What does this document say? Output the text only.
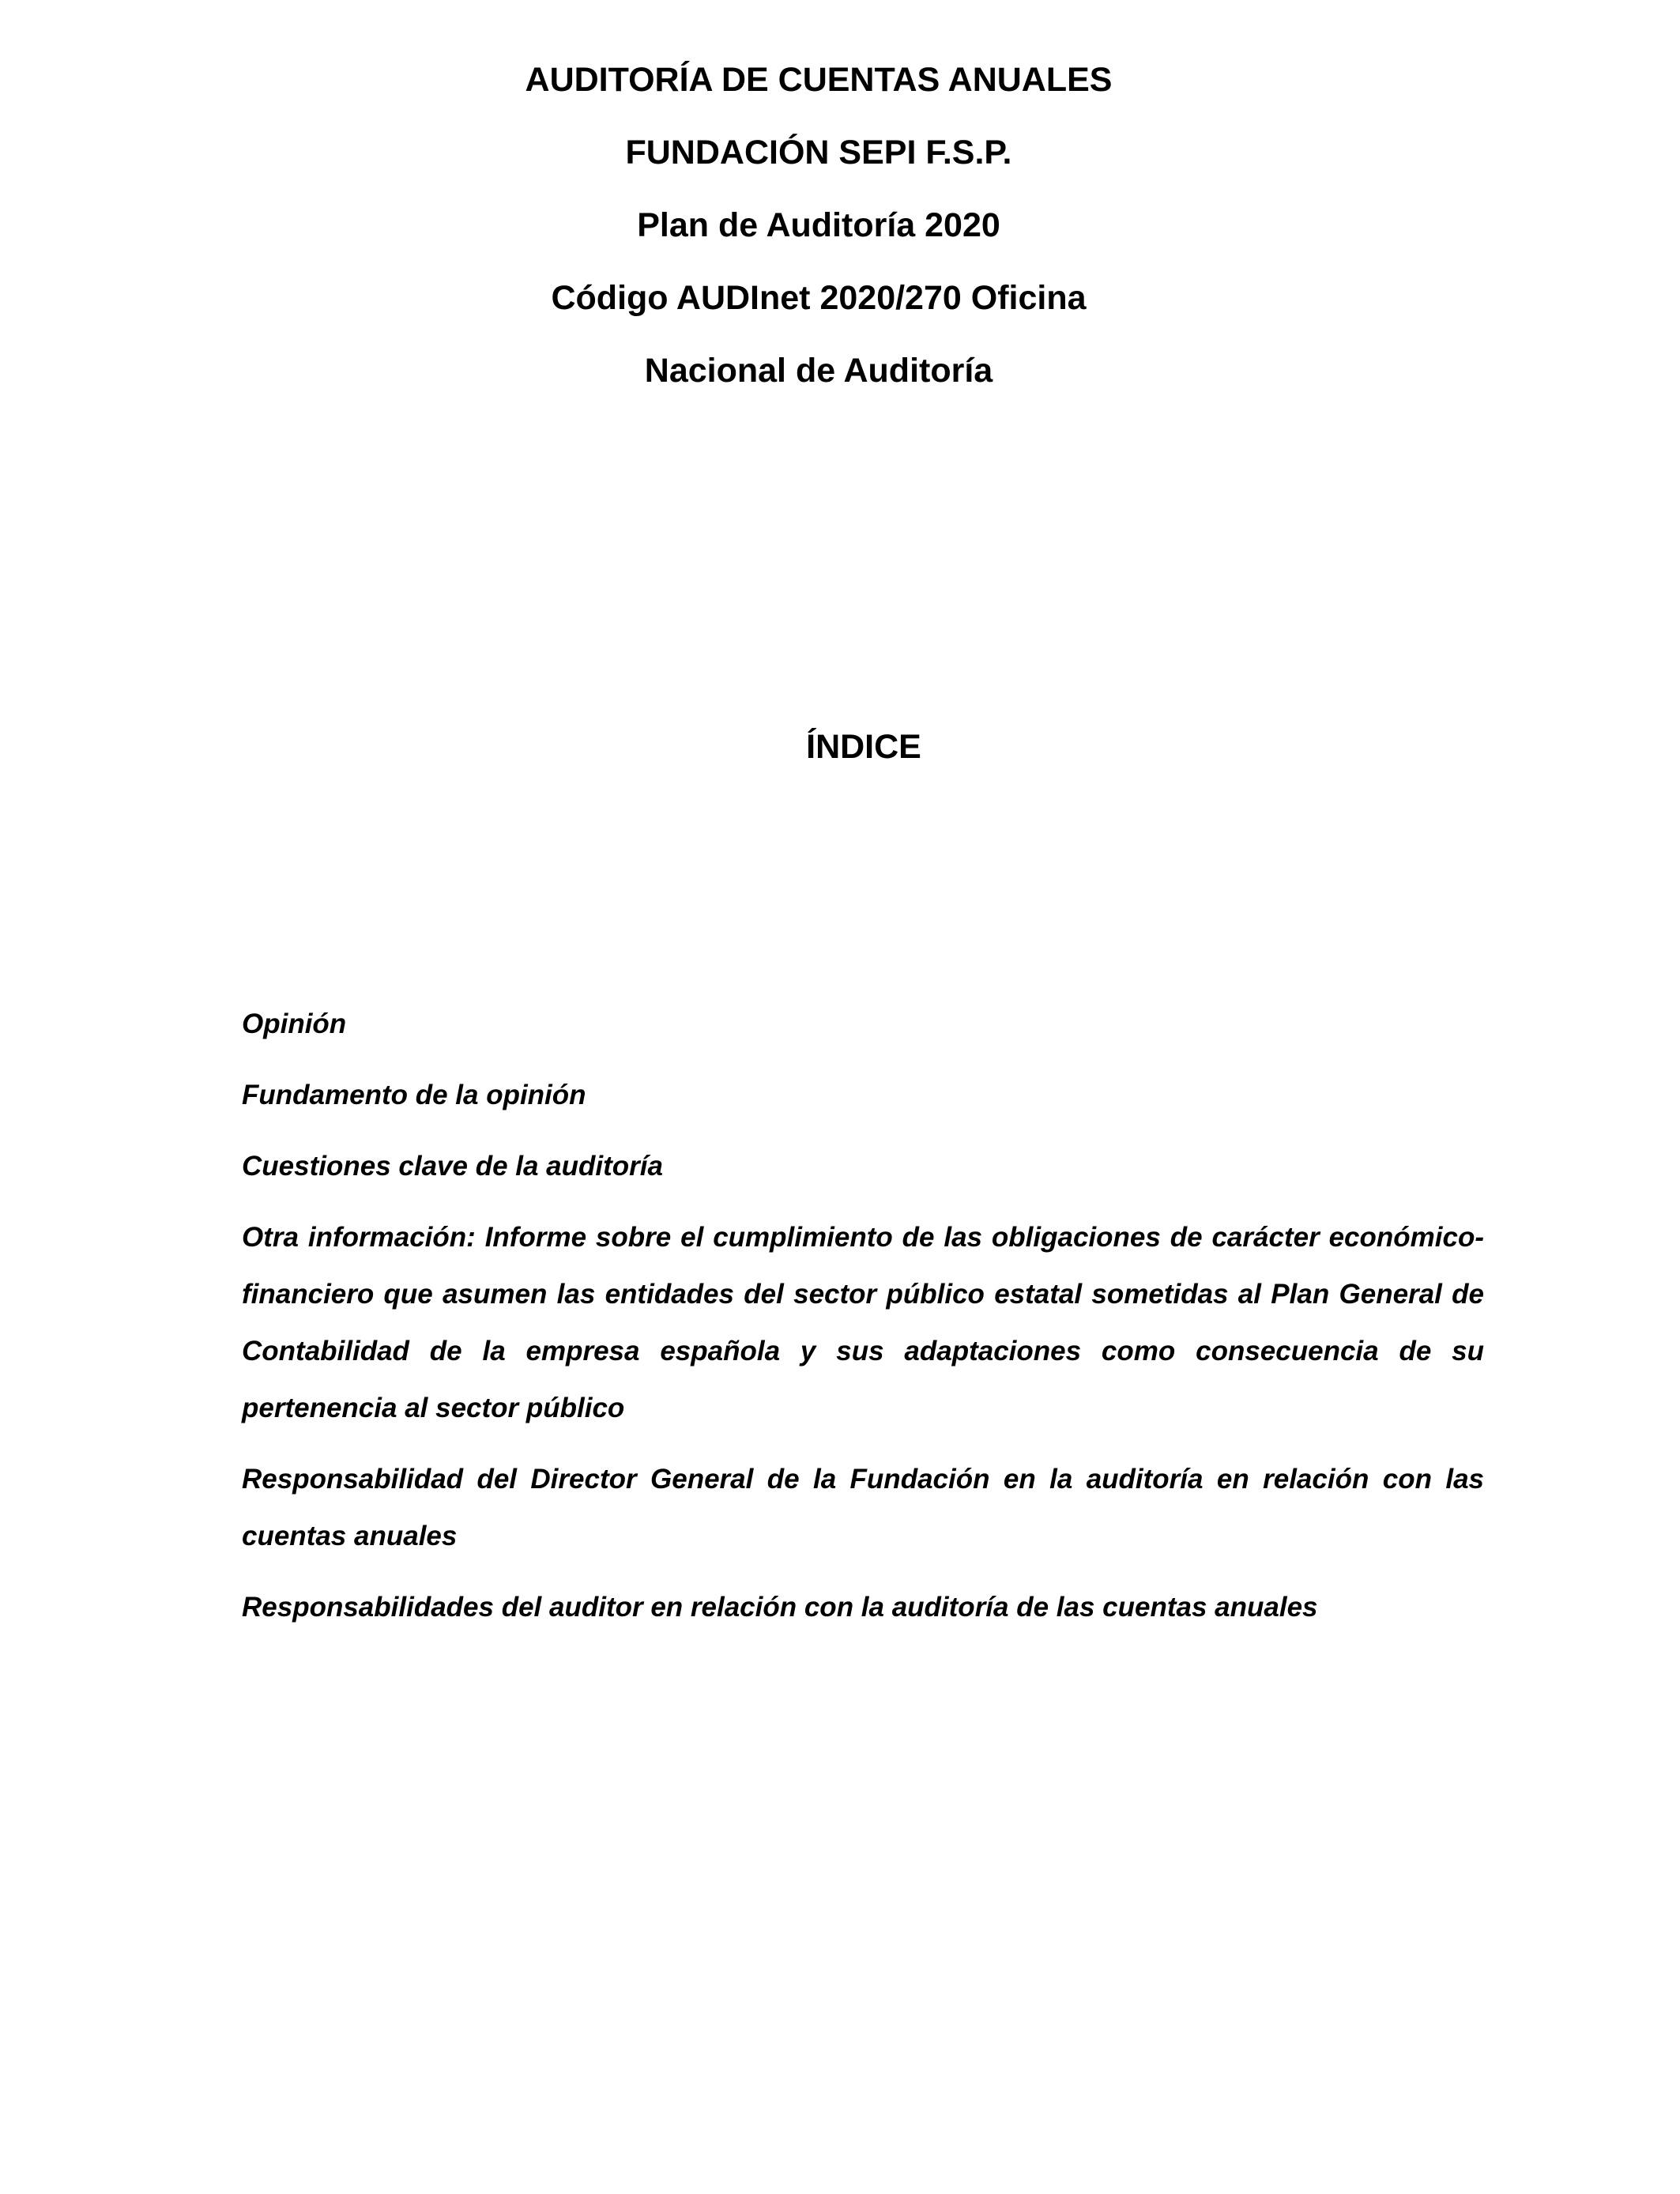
AUDITORÍA DE CUENTAS ANUALES

FUNDACIÓN SEPI F.S.P.

Plan de Auditoría 2020

Código AUDInet 2020/270 Oficina

Nacional de Auditoría

ÍNDICE
Opinión
Fundamento de la opinión
Cuestiones clave de la auditoría
Otra información: Informe sobre el cumplimiento de las obligaciones de carácter económico-financiero que asumen las entidades del sector público estatal sometidas al Plan General de Contabilidad de la empresa española y sus adaptaciones como consecuencia de su pertenencia al sector público
Responsabilidad del Director General de la Fundación en la auditoría en relación con las cuentas anuales
Responsabilidades del auditor en relación con la auditoría de las cuentas anuales
